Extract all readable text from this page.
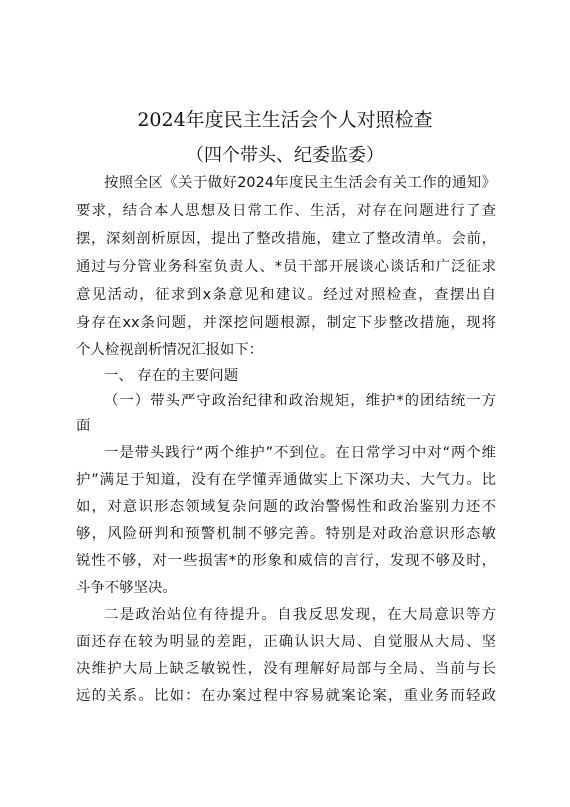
2024年度民主生活会个人对照检查
（四个带头、纪委监委）
按照全区《关于做好2024年度民主生活会有关工作的通知》
要求，结合本人思想及日常工作、生活，对存在问题进行了查
摆，深刻剖析原因，提出了整改措施，建立了整改清单。会前，
通过与分管业务科室负责人、*员干部开展谈心谈话和广泛征求
意见活动，征求到x条意见和建议。经过对照检查，查摆出自
身存在xx条问题，并深挖问题根源，制定下步整改措施，现将
个人检视剖析情况汇报如下：
一、 存在的主要问题
（一）带头严守政治纪律和政治规矩，维护*的团结统一方
面
一是带头践行“两个维护”不到位。在日常学习中对“两个维
护”满足于知道，没有在学懂弄通做实上下深功夫、大气力。比
如，对意识形态领域复杂问题的政治警惕性和政治鉴别力还不
够，风险研判和预警机制不够完善。特别是对政治意识形态敏
锐性不够，对一些损害*的形象和威信的言行，发现不够及时，
斗争不够坚决。
二是政治站位有待提升。自我反思发现，在大局意识等方
面还存在较为明显的差距，正确认识大局、自觉服从大局、坚
决维护大局上缺乏敏锐性，没有理解好局部与全局、当前与长
远的关系。比如：在办案过程中容易就案论案，重业务而轻政
